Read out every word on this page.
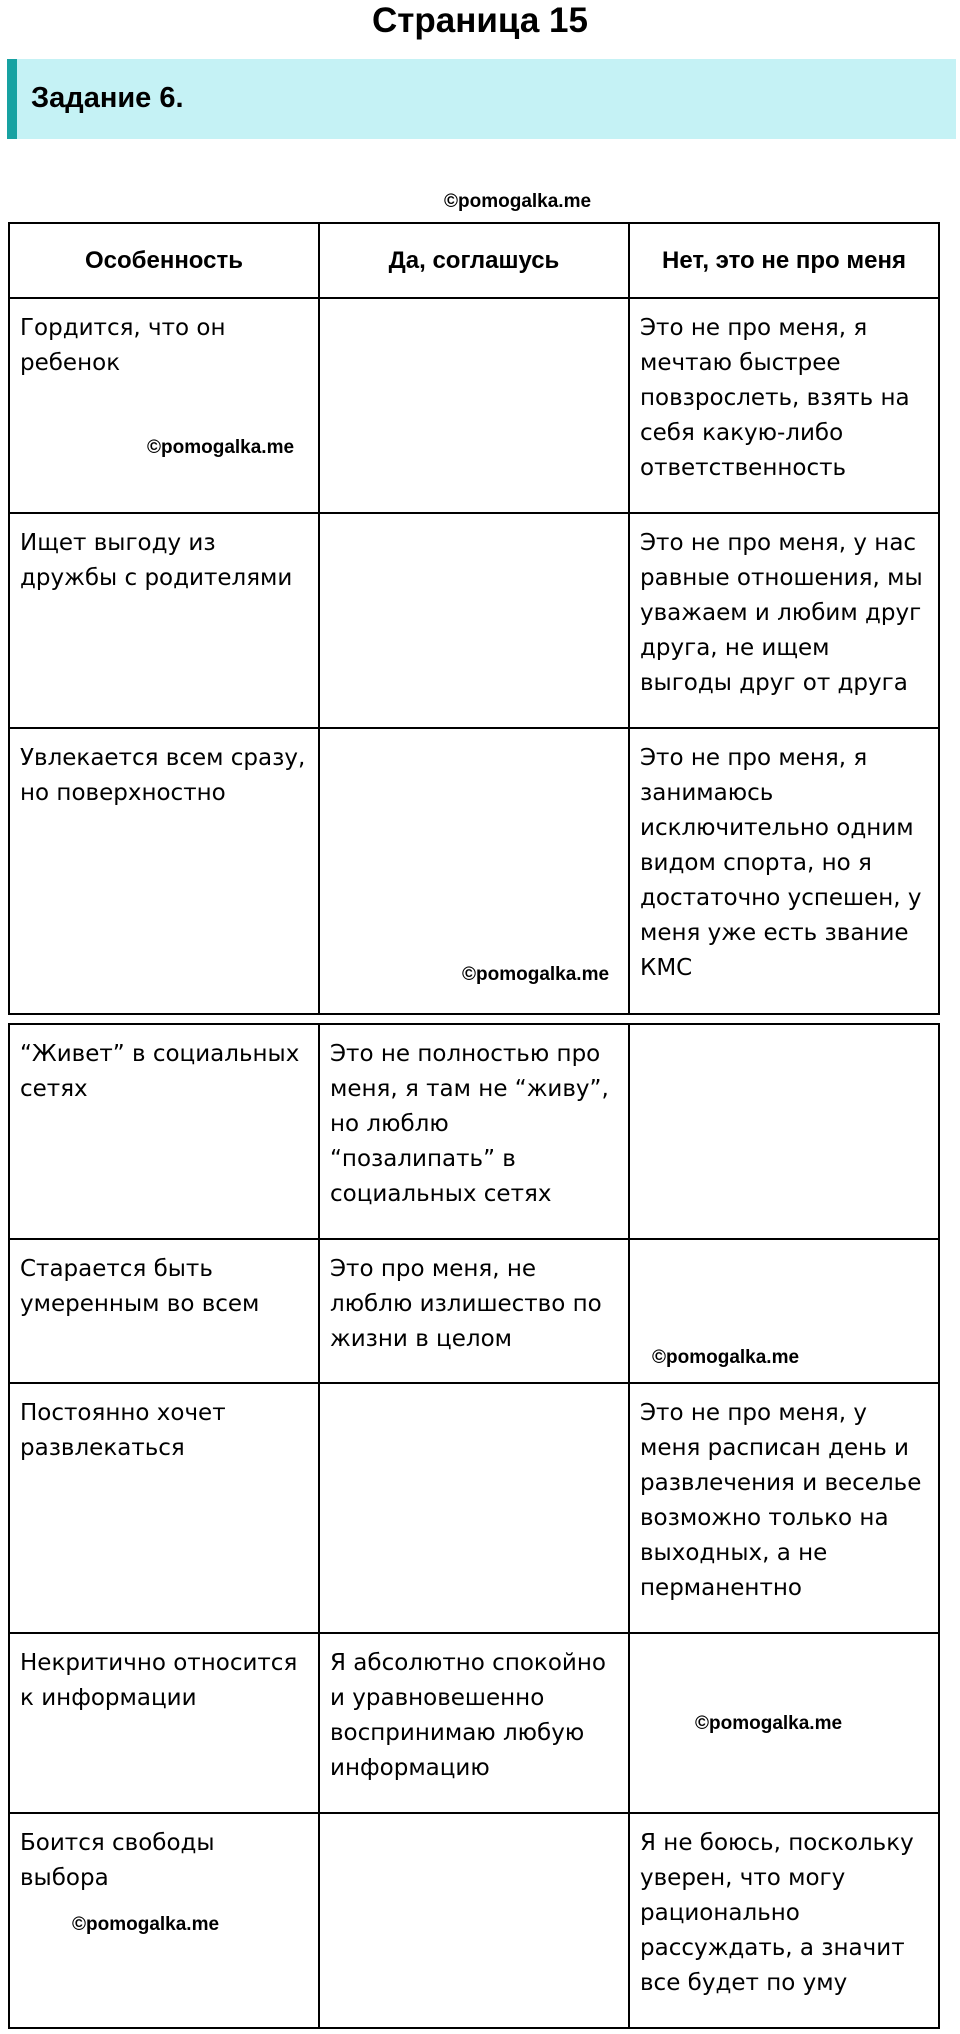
Страница 15
Задание 6.
©pomogalka.me
Особенность	Да, соглашусь	Нет, это не про меня
Гордится, что он ребенок		Это не про меня, я мечтаю быстрее повзрослеть, взять на себя какую-либо ответственность
Ищет выгоду из дружбы с родителями		Это не про меня, у нас равные отношения, мы уважаем и любим друг друга, не ищем выгоды друг от друга
Увлекается всем сразу, но поверхностно		Это не про меня, я занимаюсь исключительно одним видом спорта, но я достаточно успешен, у меня уже есть звание КМС
©pomogalka.me
©pomogalka.me
“Живет” в социальных сетях	Это не полностью про меня, я там не “живу”, но люблю “позалипать” в социальных сетях	
Старается быть умеренным во всем	Это про меня, не люблю излишество по жизни в целом	
Постоянно хочет развлекаться		Это не про меня, у меня расписан день и развлечения и веселье возможно только на выходных, а не перманентно
Некритично относится к информации	Я абсолютно спокойно и уравновешенно воспринимаю любую информацию	
Боится свободы выбора		Я не боюсь, поскольку уверен, что могу рационально рассуждать, а значит все будет по уму
©pomogalka.me
©pomogalka.me
©pomogalka.me
